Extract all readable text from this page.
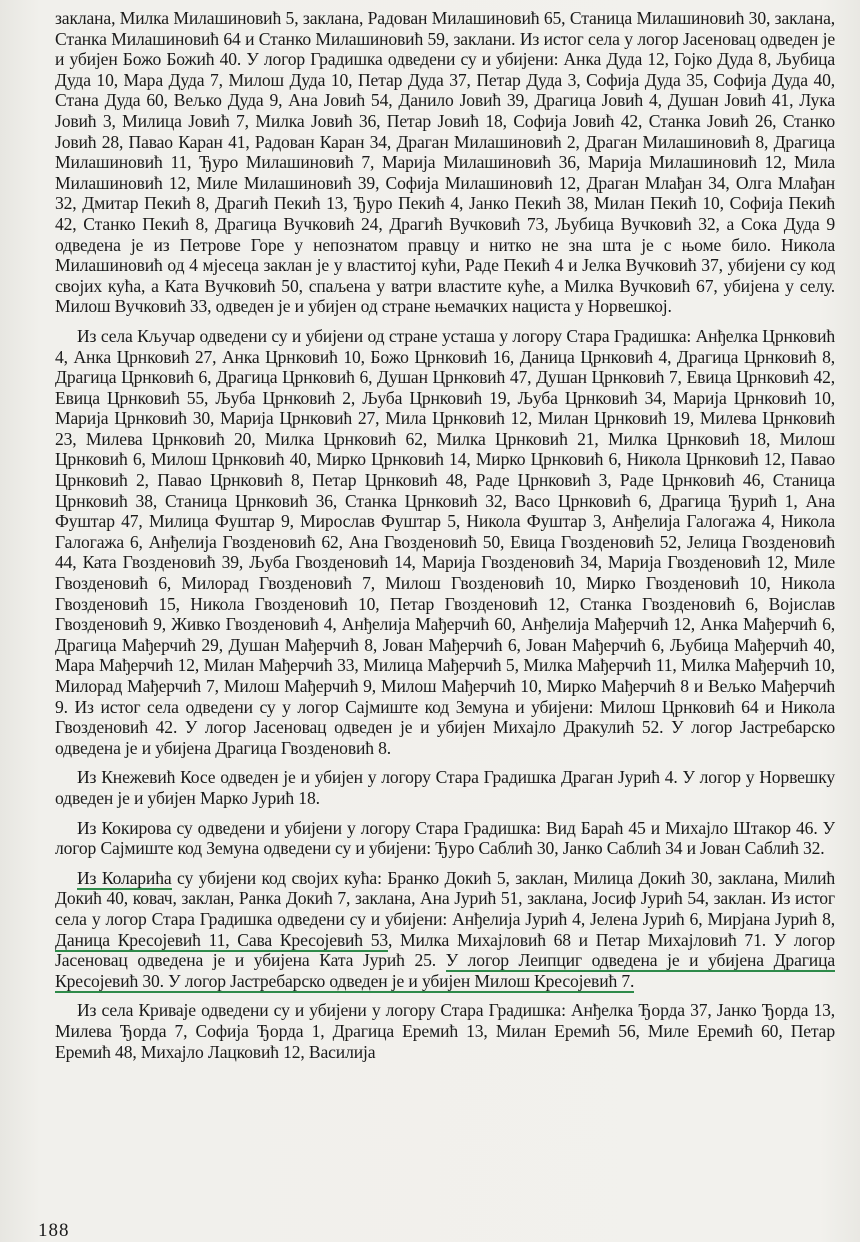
заклана, Милка Милашиновић 5, заклана, Радован Милашиновић 65, Станица Милашиновић 30, заклана, Станка Милашиновић 64 и Станко Милашиновић 59, заклани. Из истог села у логор Јасеновац одведен је и убијен Божо Божић 40. У логор Градишка одведени су и убијени: Анка Дуда 12, Гојко Дуда 8, Љубица Дуда 10, Мара Дуда 7, Милош Дуда 10, Петар Дуда 37, Петар Дуда 3, Софија Дуда 35, Софија Дуда 40, Стана Дуда 60, Вељко Дуда 9, Ана Јовић 54, Данило Јовић 39, Драгица Јовић 4, Душан Јовић 41, Лука Јовић 3, Милица Јовић 7, Милка Јовић 36, Петар Јовић 18, Софија Јовић 42, Станка Јовић 26, Станко Јовић 28, Павао Каран 41, Радован Каран 34, Драган Милашиновић 2, Драган Милашиновић 8, Драгица Милашиновић 11, Ђуро Милашиновић 7, Марија Милашиновић 36, Марија Милашиновић 12, Мила Милашиновић 12, Миле Милашиновић 39, Софија Милашиновић 12, Драган Млађан 34, Олга Млађан 32, Дмитар Пекић 8, Драгић Пекић 13, Ђуро Пекић 4, Јанко Пекић 38, Милан Пекић 10, Софија Пекић 42, Станко Пекић 8, Драгица Вучковић 24, Драгић Вучковић 73, Љубица Вучковић 32, а Сока Дуда 9 одведена је из Петрове Горе у непознатом правцу и нитко не зна шта је с њоме било. Никола Милашиновић од 4 мјесеца заклан је у властитој кући, Раде Пекић 4 и Јелка Вучковић 37, убијени су код својих кућа, а Ката Вучковић 50, спаљена у ватри властите куће, а Милка Вучковић 67, убијена у селу. Милош Вучковић 33, одведен је и убијен од стране њемачких нациста у Норвешкој.

Из села Кључар одведени су и убијени од стране усташа у логору Стара Градишка: Анђелка Црнковић 4, Анка Црнковић 27, Анка Црнковић 10, Божо Црнковић 16, Даница Црнковић 4, Драгица Црнковић 8, Драгица Црнковић 6, Драгица Црнковић 6, Душан Црнковић 47, Душан Црнковић 7, Евица Црнковић 42, Евица Црнковић 55, Љуба Црнковић 2, Љуба Црнковић 19, Љуба Црнковић 34, Марија Црнковић 10, Марија Црнковић 30, Марија Црнковић 27, Мила Црнковић 12, Милан Црнковић 19, Милева Црнковић 23, Милева Црнковић 20, Милка Црнковић 62, Милка Црнковић 21, Милка Црнковић 18, Милош Црнковић 6, Милош Црнковић 40, Мирко Црнковић 14, Мирко Црнковић 6, Никола Црнковић 12, Павао Црнковић 2, Павао Црнковић 8, Петар Црнковић 48, Раде Црнковић 3, Раде Црнковић 46, Станица Црнковић 38, Станица Црнковић 36, Станка Црнковић 32, Васо Црнковић 6, Драгица Ђурић 1, Ана Фуштар 47, Милица Фуштар 9, Мирослав Фуштар 5, Никола Фуштар 3, Анђелија Галогажа 4, Никола Галогажа 6, Анђелија Гвозденовић 62, Ана Гвозденовић 50, Евица Гвозденовић 52, Јелица Гвозденовић 44, Ката Гвозденовић 39, Љуба Гвозденовић 14, Марија Гвозденовић 34, Марија Гвозденовић 12, Миле Гвозденовић 6, Милорад Гвозденовић 7, Милош Гвозденовић 10, Мирко Гвозденовић 10, Никола Гвозденовић 15, Никола Гвозденовић 10, Петар Гвозденовић 12, Станка Гвозденовић 6, Војислав Гвозденовић 9, Живко Гвозденовић 4, Анђелија Мађерчић 60, Анђелија Мађерчић 12, Анка Мађерчић 6, Драгица Мађерчић 29, Душан Мађерчић 8, Јован Мађерчић 6, Јован Мађерчић 6, Љубица Мађерчић 40, Мара Мађерчић 12, Милан Мађерчић 33, Милица Мађерчић 5, Милка Мађерчић 11, Милка Мађерчић 10, Милорад Мађерчић 7, Милош Мађерчић 9, Милош Мађерчић 10, Мирко Мађерчић 8 и Вељко Мађерчић 9. Из истог села одведени су у логор Сајмиште код Земуна и убијени: Милош Црнковић 64 и Никола Гвозденовић 42. У логор Јасеновац одведен је и убијен Михајло Дракулић 52. У логор Јастребарско одведена је и убијена Драгица Гвозденовић 8.

Из Кнежевић Косе одведен је и убијен у логору Стара Градишка Драган Јурић 4. У логор у Норвешку одведен је и убијен Марко Јурић 18.

Из Кокирова су одведени и убијени у логору Стара Градишка: Вид Бараћ 45 и Михајло Штакор 46. У логор Сајмиште код Земуна одведени су и убијени: Ђуро Саблић 30, Јанко Саблић 34 и Јован Саблић 32.

Из Коларића су убијени код својих кућа: Бранко Докић 5, заклан, Милица Докић 30, заклана, Милић Докић 40, ковач, заклан, Ранка Докић 7, заклана, Ана Јурић 51, заклана, Јосиф Јурић 54, заклан. Из истог села у логор Стара Градишка одведени су и убијени: Анђелија Јурић 4, Јелена Јурић 6, Мирјана Јурић 8, Даница Кресојевић 11, Сава Кресојевић 53, Милка Михајловић 68 и Петар Михајловић 71. У логор Јасеновац одведена је и убијена Ката Јурић 25. У логор Леипциг одведена је и убијена Драгица Кресојевић 30. У логор Јастребарско одведен је и убијен Милош Кресојевић 7.

Из села Криваје одведени су и убијени у логору Стара Градишка: Анђелка Ђорда 37, Јанко Ђорда 13, Милева Ђорда 7, Софија Ђорда 1, Драгица Еремић 13, Милан Еремић 56, Миле Еремић 60, Петар Еремић 48, Михајло Лацковић 12, Василија

188
